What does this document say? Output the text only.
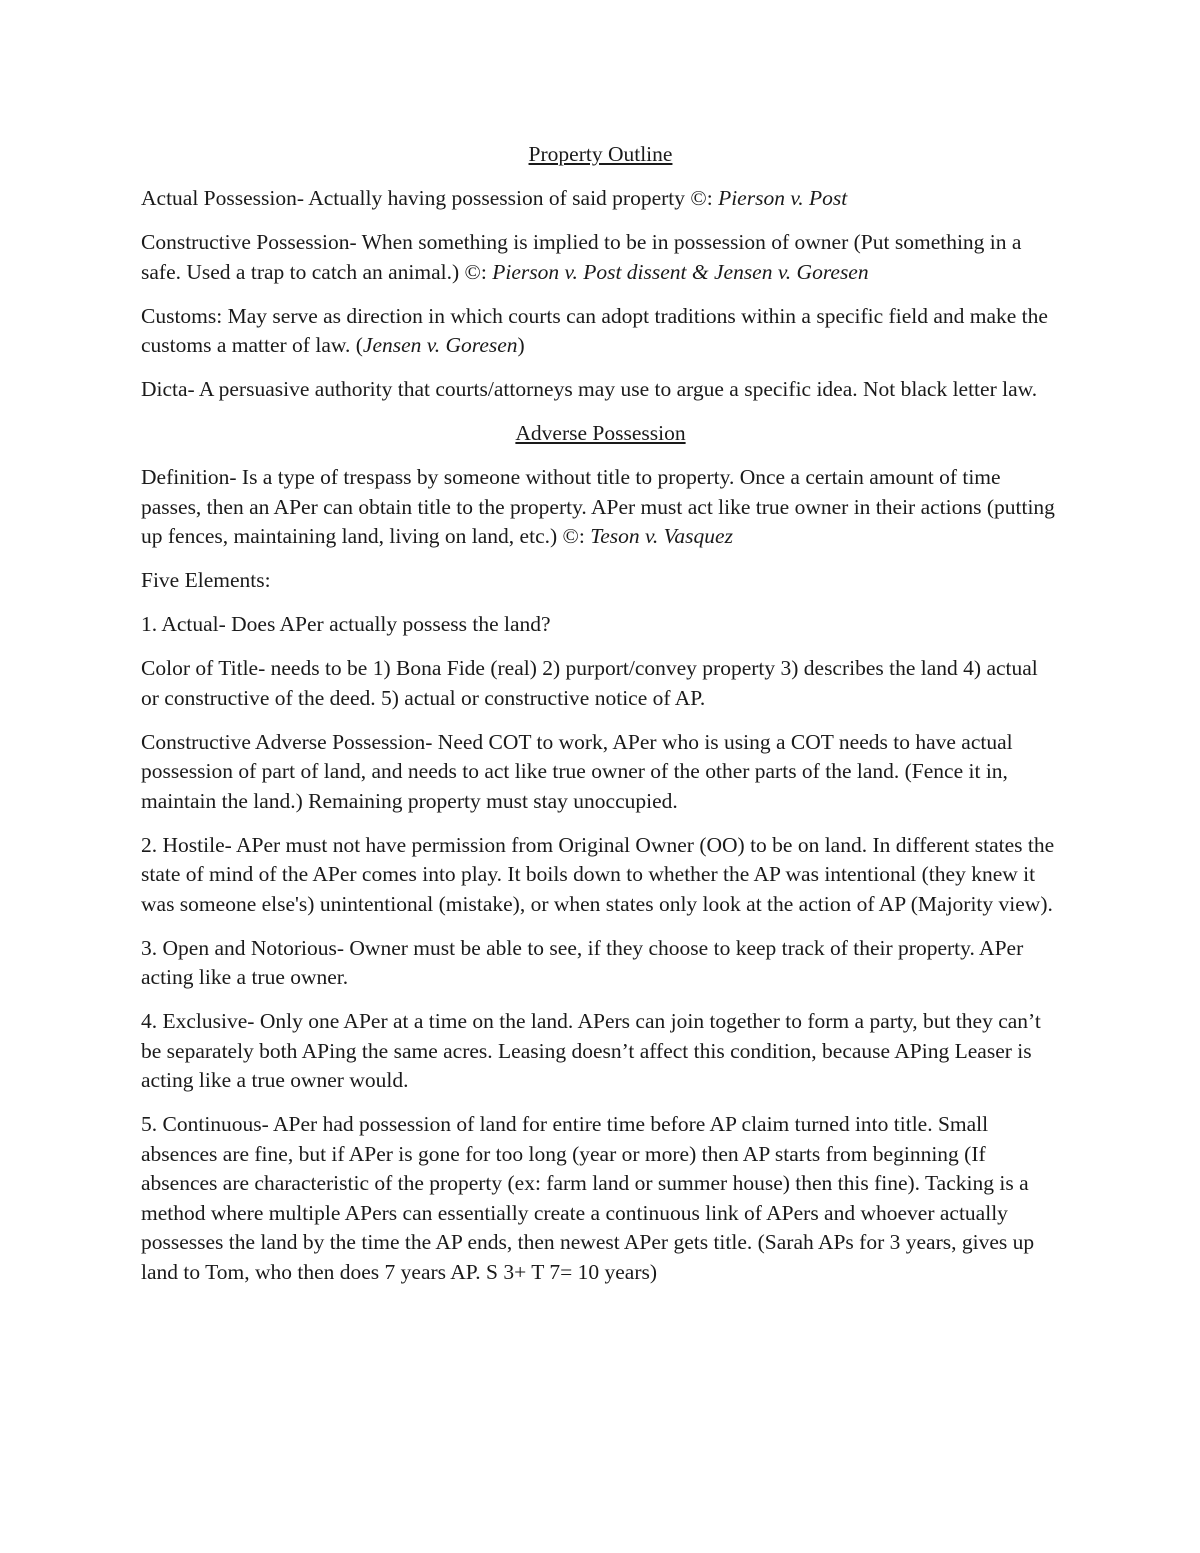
Property Outline

Actual Possession- Actually having possession of said property ©: Pierson v. Post

Constructive Possession- When something is implied to be in possession of owner (Put something in a safe. Used a trap to catch an animal.) ©: Pierson v. Post dissent & Jensen v. Goresen

Customs: May serve as direction in which courts can adopt traditions within a specific field and make the customs a matter of law. (Jensen v. Goresen)

Dicta- A persuasive authority that courts/attorneys may use to argue a specific idea. Not black letter law.

Adverse Possession

Definition- Is a type of trespass by someone without title to property. Once a certain amount of time passes, then an APer can obtain title to the property. APer must act like true owner in their actions (putting up fences, maintaining land, living on land, etc.) ©: Teson v. Vasquez

Five Elements:

1. Actual- Does APer actually possess the land?

Color of Title- needs to be 1) Bona Fide (real) 2) purport/convey property 3) describes the land 4) actual or constructive of the deed. 5) actual or constructive notice of AP.

Constructive Adverse Possession- Need COT to work, APer who is using a COT needs to have actual possession of part of land, and needs to act like true owner of the other parts of the land. (Fence it in, maintain the land.) Remaining property must stay unoccupied.

2. Hostile- APer must not have permission from Original Owner (OO) to be on land. In different states the state of mind of the APer comes into play. It boils down to whether the AP was intentional (they knew it was someone else's) unintentional (mistake), or when states only look at the action of AP (Majority view).

3. Open and Notorious- Owner must be able to see, if they choose to keep track of their property. APer acting like a true owner.

4. Exclusive- Only one APer at a time on the land. APers can join together to form a party, but they can’t be separately both APing the same acres. Leasing doesn’t affect this condition, because APing Leaser is acting like a true owner would.

5. Continuous- APer had possession of land for entire time before AP claim turned into title. Small absences are fine, but if APer is gone for too long (year or more) then AP starts from beginning (If absences are characteristic of the property (ex: farm land or summer house) then this fine). Tacking is a method where multiple APers can essentially create a continuous link of APers and whoever actually possesses the land by the time the AP ends, then newest APer gets title. (Sarah APs for 3 years, gives up land to Tom, who then does 7 years AP. S 3+ T 7= 10 years)
